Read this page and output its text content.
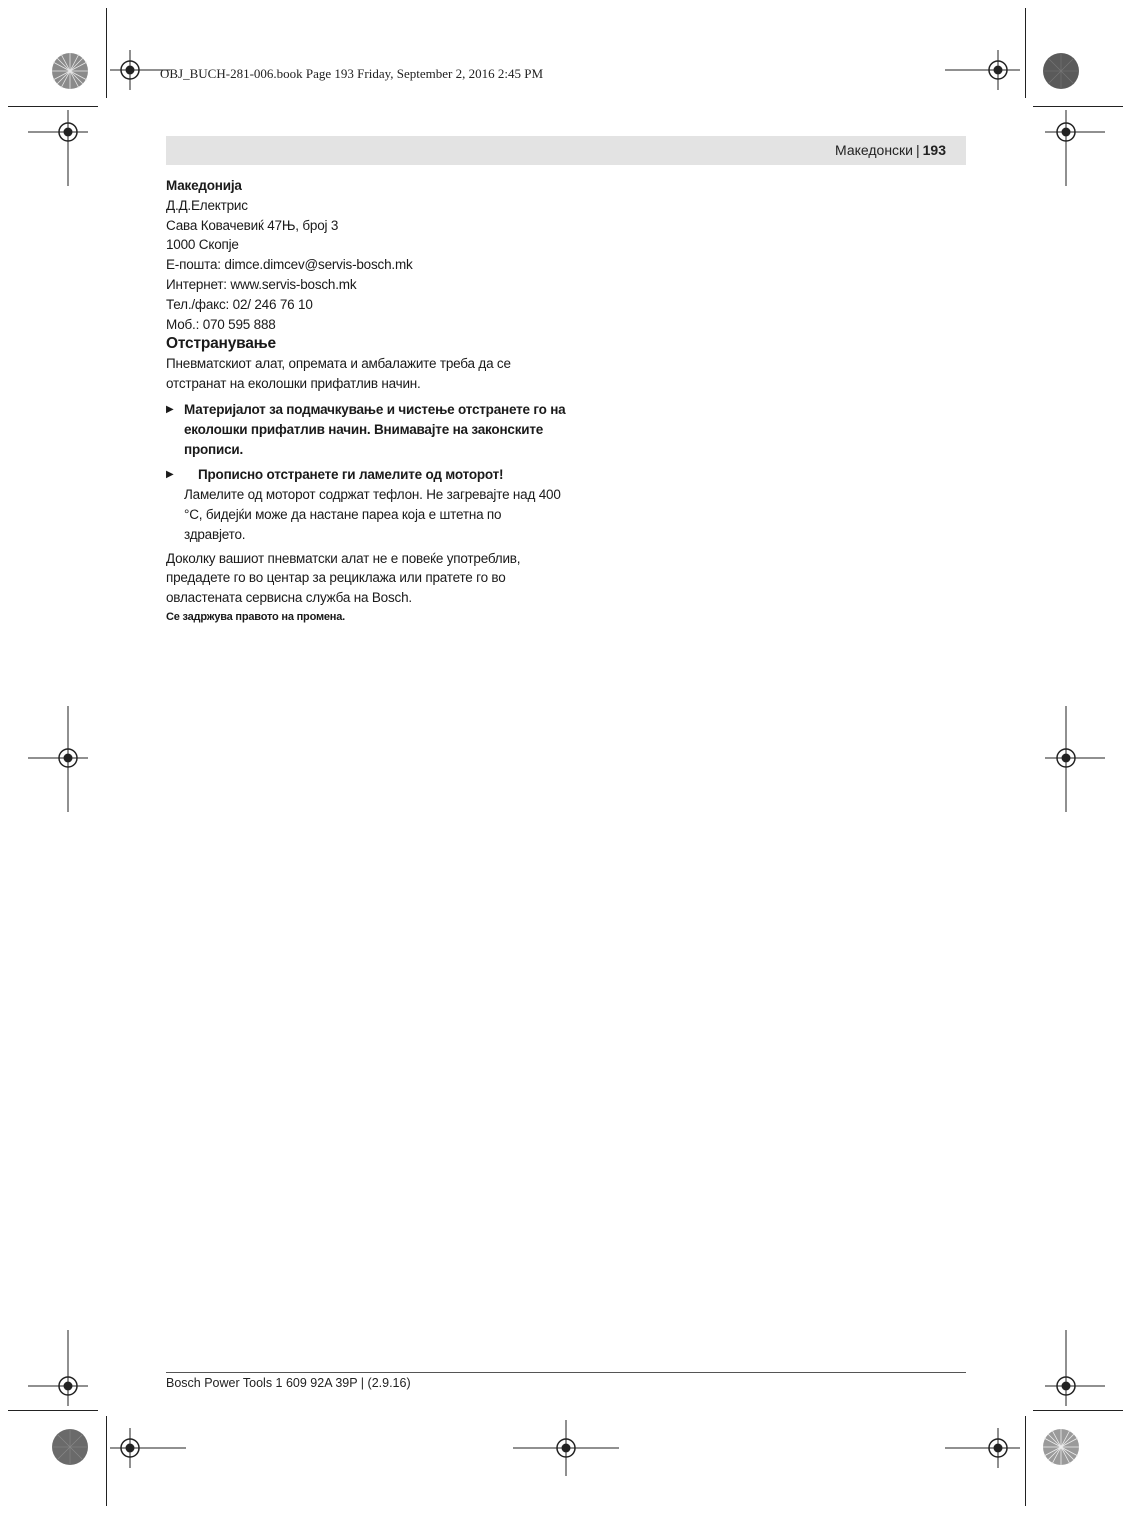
OBJ_BUCH-281-006.book Page 193 Friday, September 2, 2016 2:45 PM
Македонски | 193

Македонија

Д.Д.Електрис

Сава Ковачевиќ 47Њ, број 3

1000 Скопје

E-пошта: dimce.dimcev@servis-bosch.mk

Интернет: www.servis-bosch.mk

Тел./факс: 02/ 246 76 10

Моб.: 070 595 888

Отстранување

Пневматскиот алат, опремата и амбалажите треба да се отстранат на еколошки прифатлив начин.

▶ Материјалот за подмачкување и чистење отстранете го на еколошки прифатлив начин. Внимавајте на законските прописи.
▶ Прописно отстранете ги ламелите од моторот!
Ламелите од моторот содржат тефлон. Не загревајте над 400 °C, бидејќи може да настане пареа која е штетна по здравјето.

Доколку вашиот пневматски алат не е повеќе употреблив, предадете го во центар за рециклажа или пратете го во овластената сервисна служба на Bosch.

Се задржува правото на промена.

Bosch Power Tools 1 609 92A 39P | (2.9.16)
